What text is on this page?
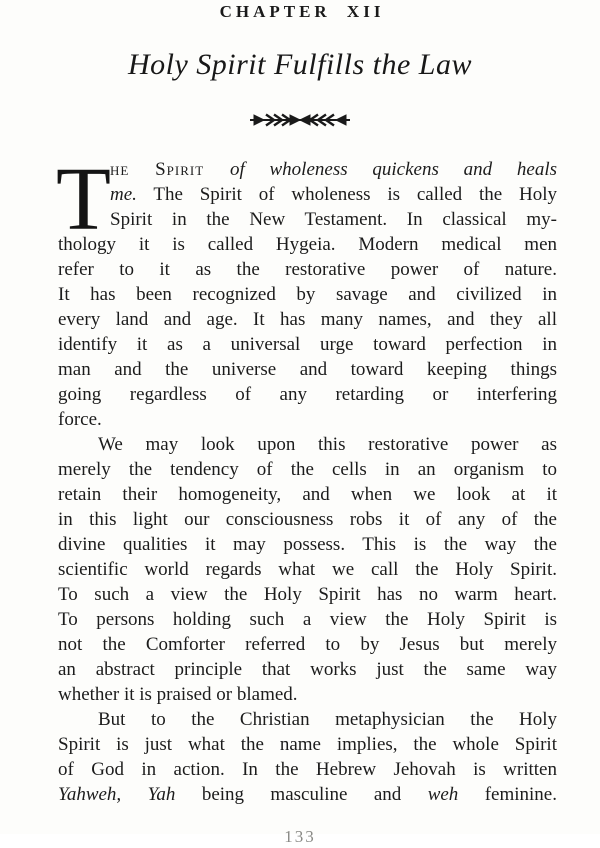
CHAPTER XII
Holy Spirit Fulfills the Law
T he Spirit of wholeness quickens and heals
me. The Spirit of wholeness is called the Holy
Spirit in the New Testament. In classical my-
thology it is called Hygeia. Modern medical men
refer to it as the restorative power of nature.
It has been recognized by savage and civilized in
every land and age. It has many names, and they all
identify it as a universal urge toward perfection in
man and the universe and toward keeping things
going regardless of any retarding or interfering
force.
We may look upon this restorative power as
merely the tendency of the cells in an organism to
retain their homogeneity, and when we look at it
in this light our consciousness robs it of any of the
divine qualities it may possess. This is the way the
scientific world regards what we call the Holy Spirit.
To such a view the Holy Spirit has no warm heart.
To persons holding such a view the Holy Spirit is
not the Comforter referred to by Jesus but merely
an abstract principle that works just the same way
whether it is praised or blamed.
But to the Christian metaphysician the Holy
Spirit is just what the name implies, the whole Spirit
of God in action. In the Hebrew Jehovah is written
Yahweh, Yah being masculine and weh feminine.
133
